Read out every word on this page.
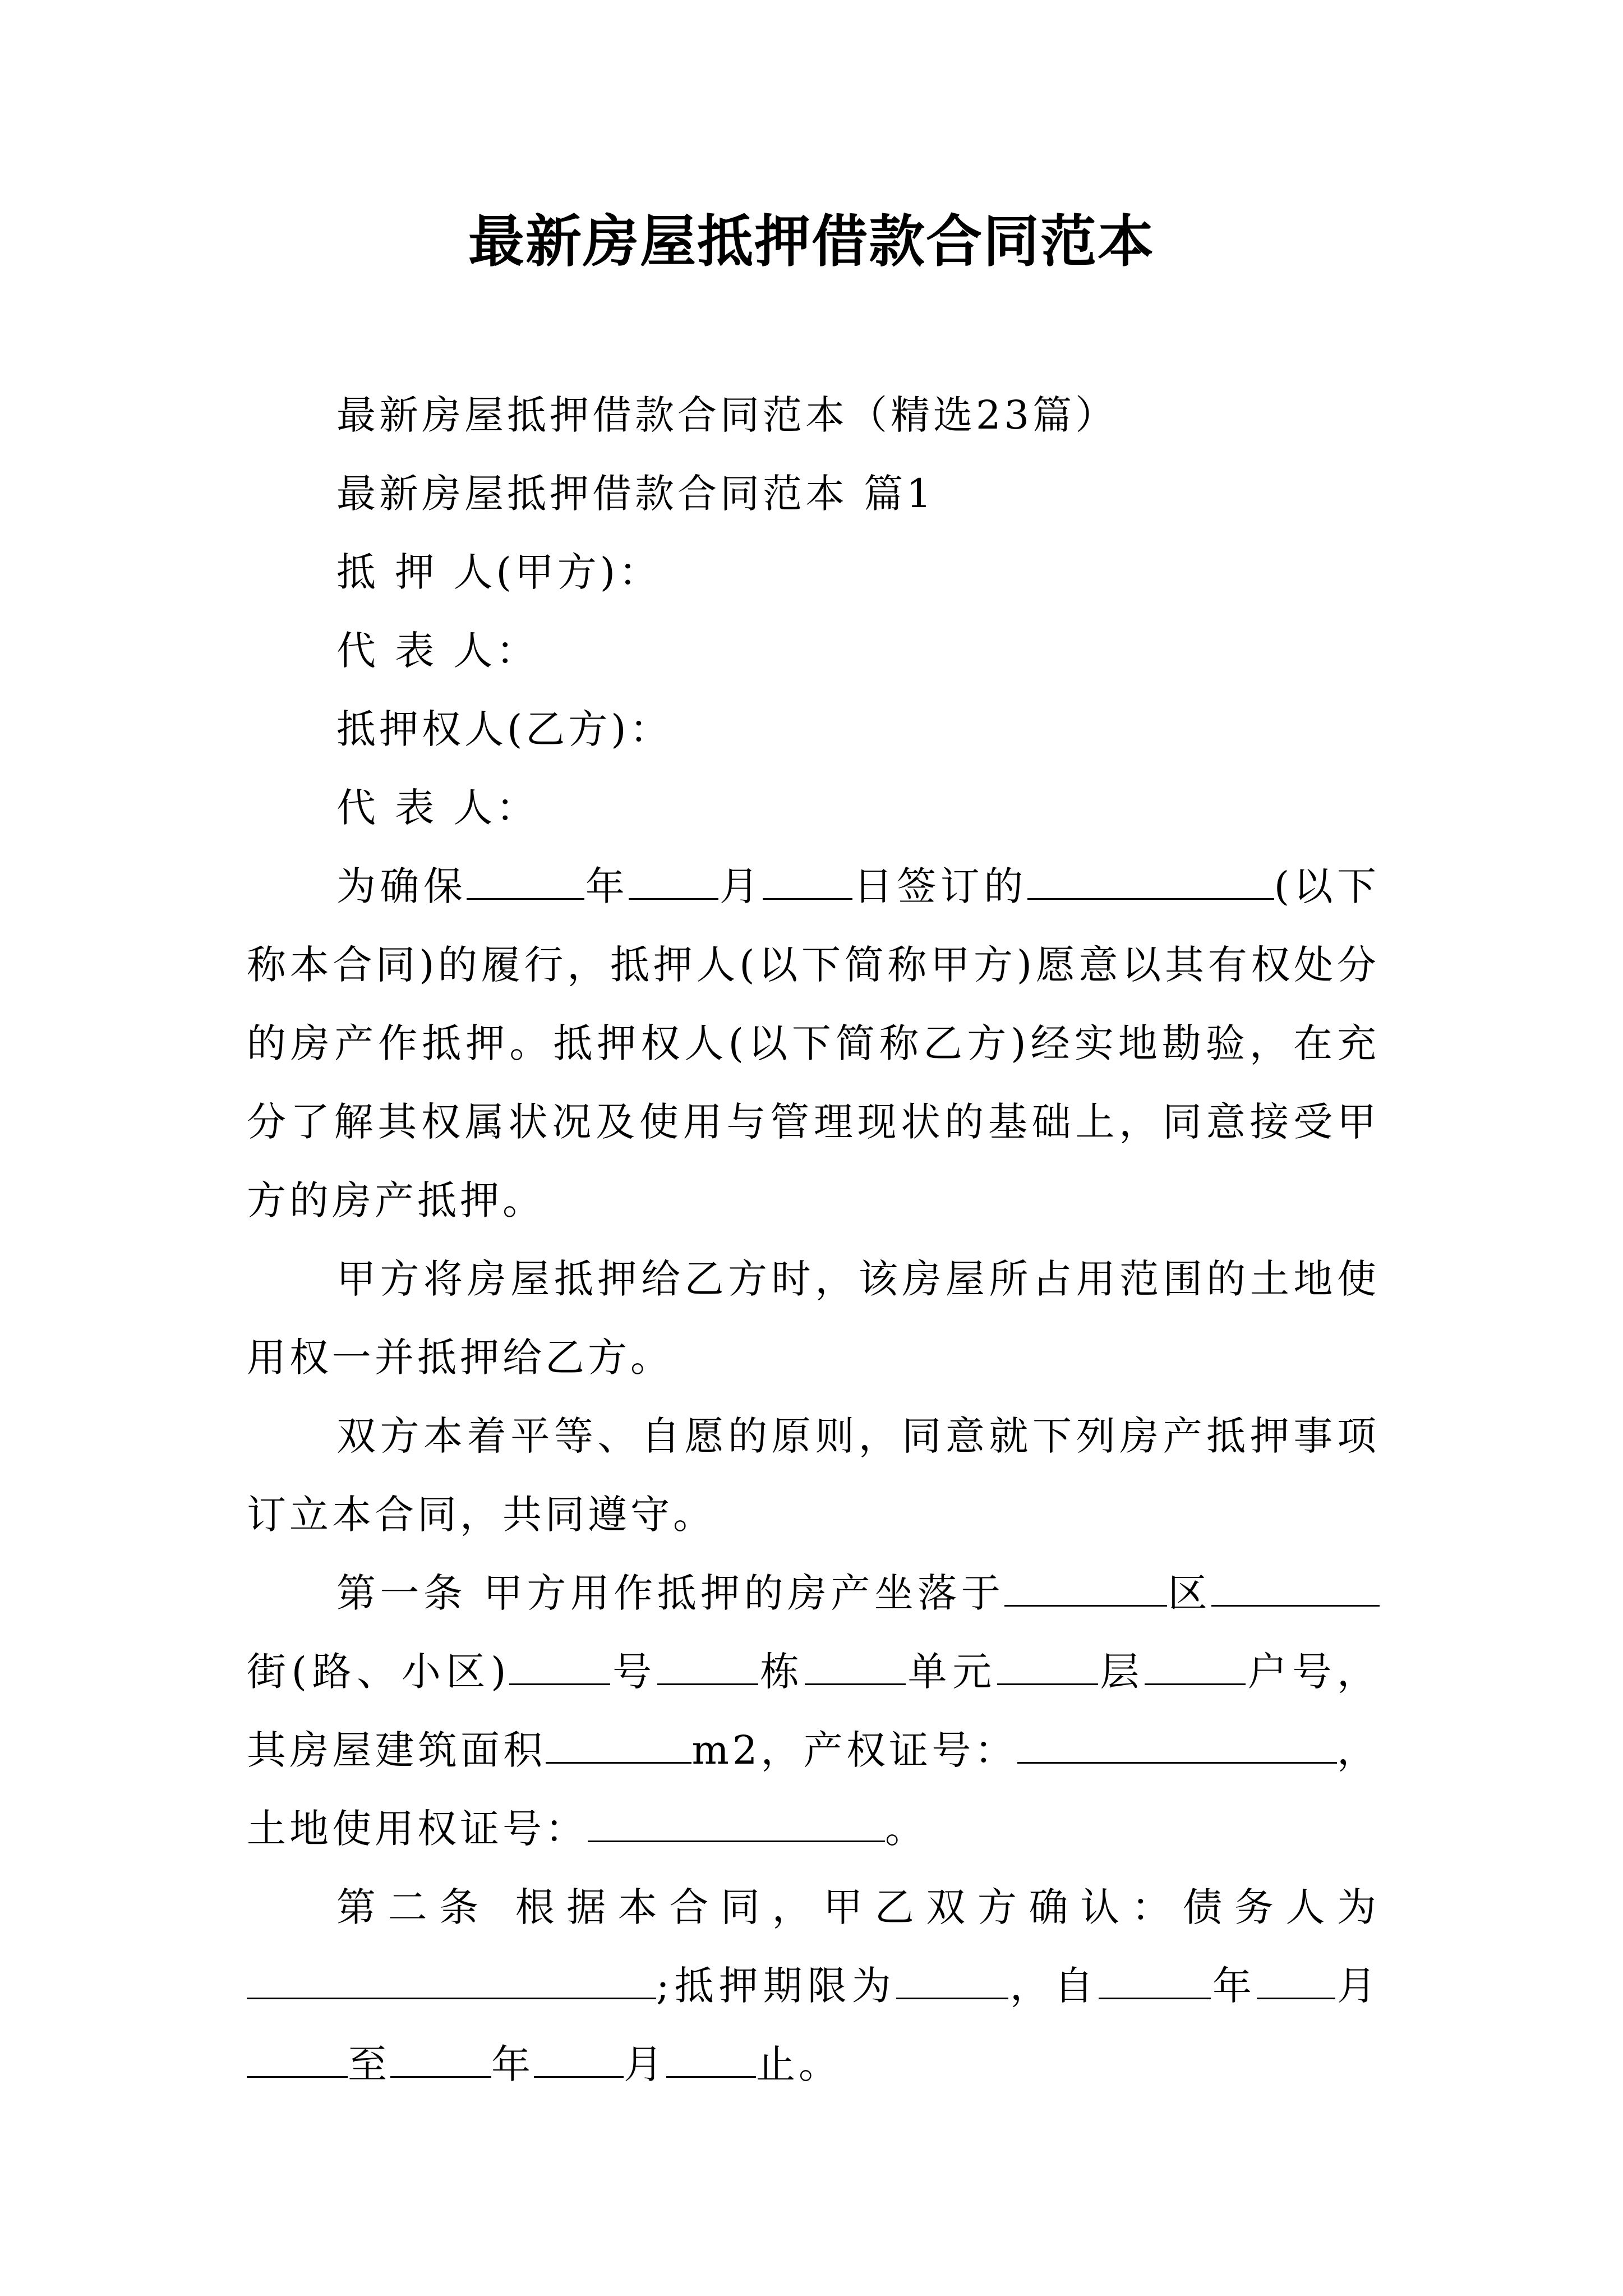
最新房屋抵押借款合同范本

最新房屋抵押借款合同范本（精选23篇）

最新房屋抵押借款合同范本 篇1

抵 押 人(甲方)：

代 表 人：

抵押权人(乙方)：

代 表 人：

为确保	年 月 日签订的	(以下称本合同)的履行，抵押人(以下简称甲方)愿意以其有权处分的房产作抵押。抵押权人(以下简称乙方)经实地勘验，在充分了解其权属状况及使用与管理现状的基础上，同意接受甲方的房产抵押。

甲方将房屋抵押给乙方时，该房屋所占用范围的土地使用权一并抵押给乙方。

双方本着平等、自愿的原则，同意就下列房产抵押事项订立本合同，共同遵守。

第一条 甲方用作抵押的房产坐落于	区街(路、小区)	号	栋	单元	层	户号，其房屋建筑面积	m2，产权证号：	，土地使用权证号：	。

第二条 根据本合同，甲乙双方确认：债务人为;抵押期限为	，自	年 月至	年 月 止。
